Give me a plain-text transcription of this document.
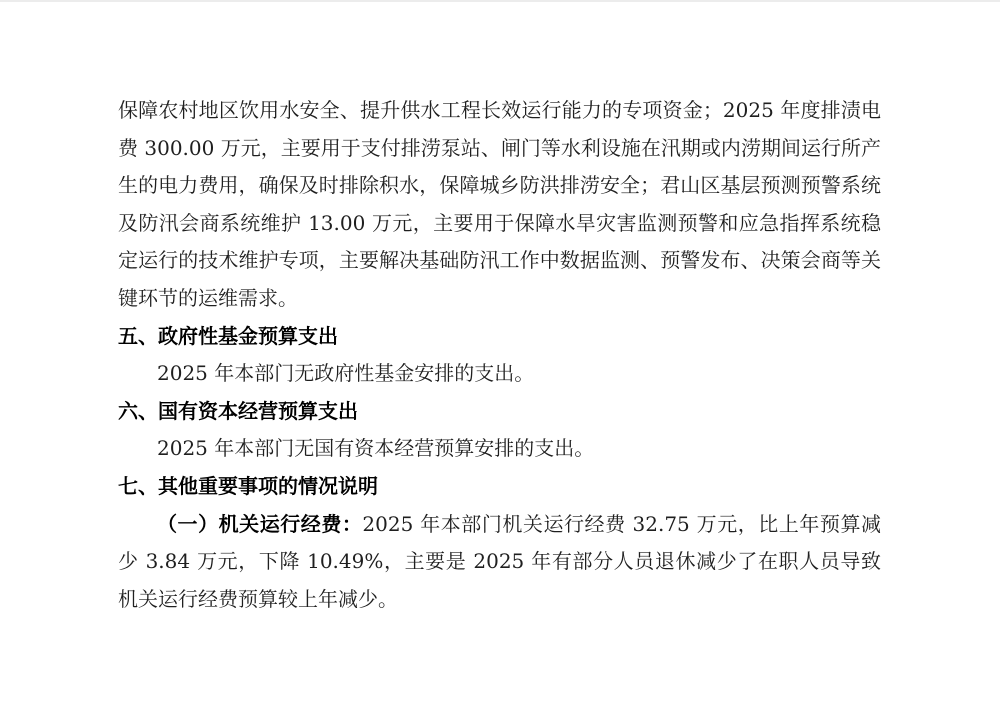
保障农村地区饮用水安全、提升供水工程长效运行能力的专项资金；2025 年度排渍电费 300.00 万元，主要用于支付排涝泵站、闸门等水利设施在汛期或内涝期间运行所产生的电力费用，确保及时排除积水，保障城乡防洪排涝安全；君山区基层预测预警系统及防汛会商系统维护 13.00 万元，主要用于保障水旱灾害监测预警和应急指挥系统稳定运行的技术维护专项，主要解决基础防汛工作中数据监测、预警发布、决策会商等关键环节的运维需求。

五、政府性基金预算支出

2025 年本部门无政府性基金安排的支出。

六、国有资本经营预算支出

2025 年本部门无国有资本经营预算安排的支出。

七、其他重要事项的情况说明

（一）机关运行经费：2025 年本部门机关运行经费 32.75 万元，比上年预算减少 3.84 万元，下降 10.49%，主要是 2025 年有部分人员退休减少了在职人员导致机关运行经费预算较上年减少。
